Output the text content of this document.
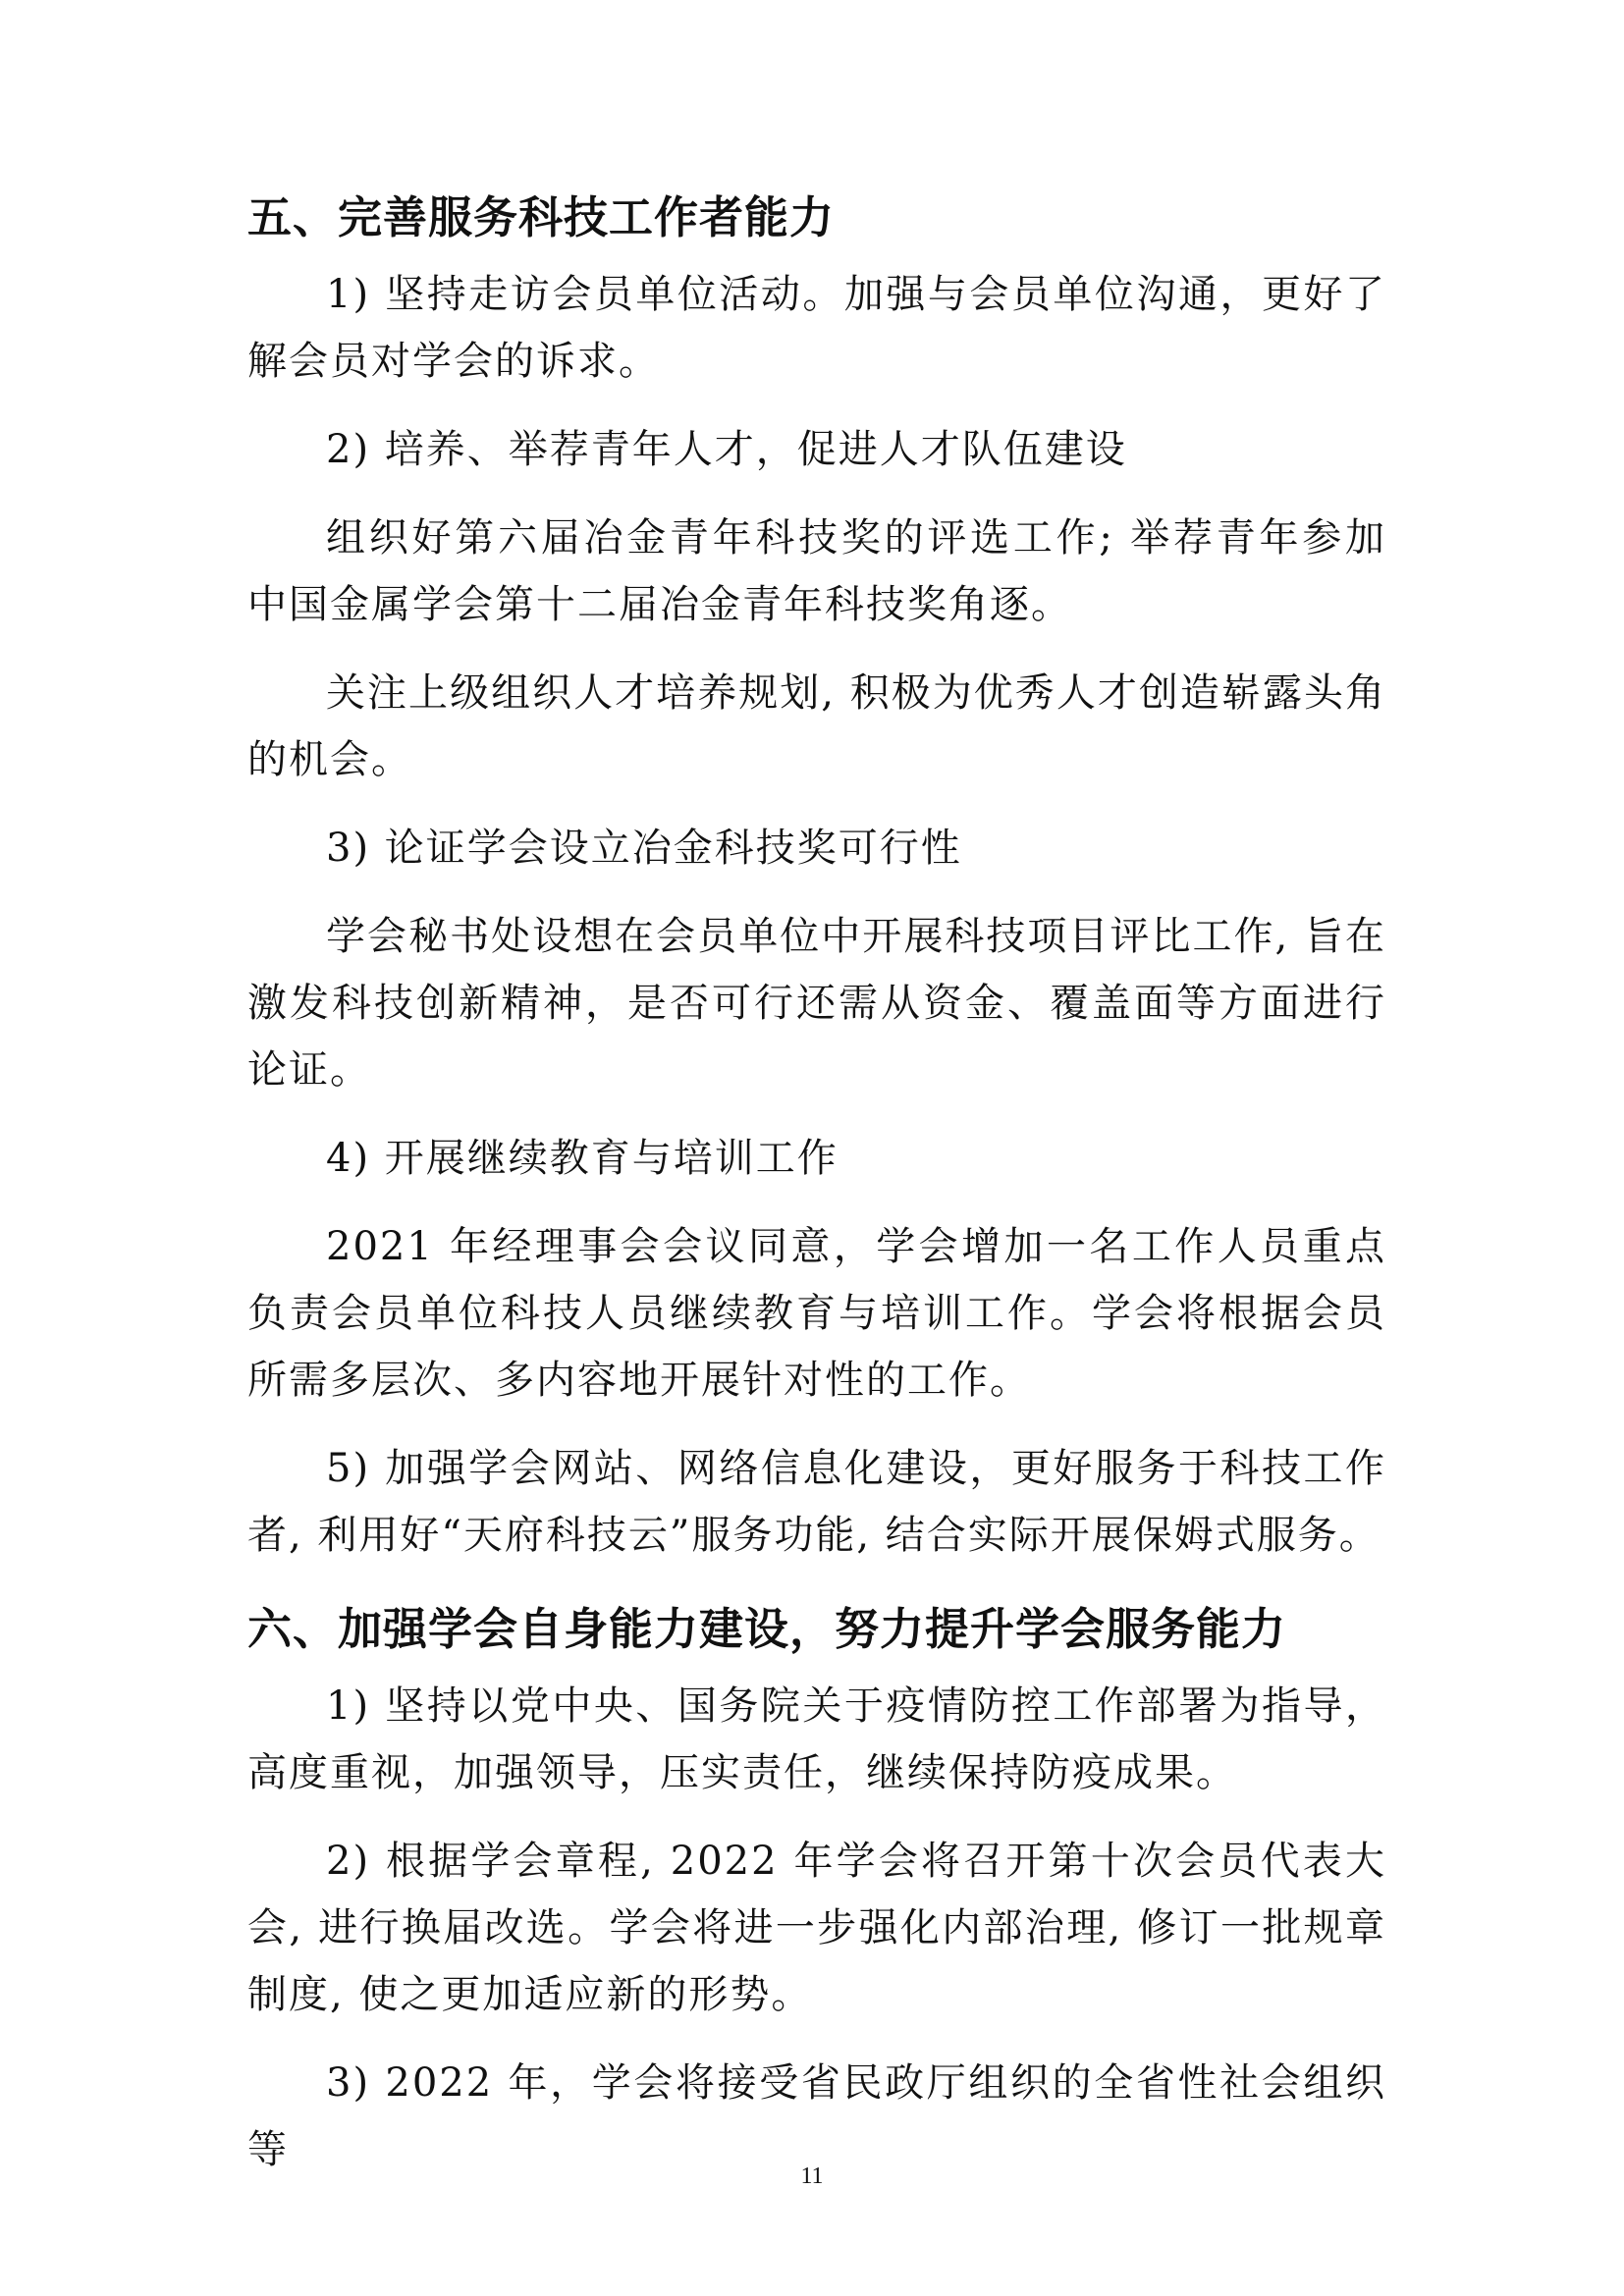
五、完善服务科技工作者能力

1) 坚持走访会员单位活动。加强与会员单位沟通，更好了解会员对学会的诉求。

2) 培养、举荐青年人才，促进人才队伍建设

组织好第六届冶金青年科技奖的评选工作; 举荐青年参加中国金属学会第十二届冶金青年科技奖角逐。

关注上级组织人才培养规划, 积极为优秀人才创造崭露头角的机会。

3) 论证学会设立冶金科技奖可行性

学会秘书处设想在会员单位中开展科技项目评比工作, 旨在激发科技创新精神，是否可行还需从资金、覆盖面等方面进行论证。

4) 开展继续教育与培训工作

2021 年经理事会会议同意，学会增加一名工作人员重点负责会员单位科技人员继续教育与培训工作。学会将根据会员所需多层次、多内容地开展针对性的工作。

5) 加强学会网站、网络信息化建设，更好服务于科技工作者, 利用好“天府科技云”服务功能, 结合实际开展保姆式服务。

六、加强学会自身能力建设，努力提升学会服务能力

1) 坚持以党中央、国务院关于疫情防控工作部署为指导，高度重视，加强领导，压实责任，继续保持防疫成果。

2) 根据学会章程, 2022 年学会将召开第十次会员代表大会, 进行换届改选。学会将进一步强化内部治理, 修订一批规章制度, 使之更加适应新的形势。

3) 2022 年，学会将接受省民政厅组织的全省性社会组织等

11
